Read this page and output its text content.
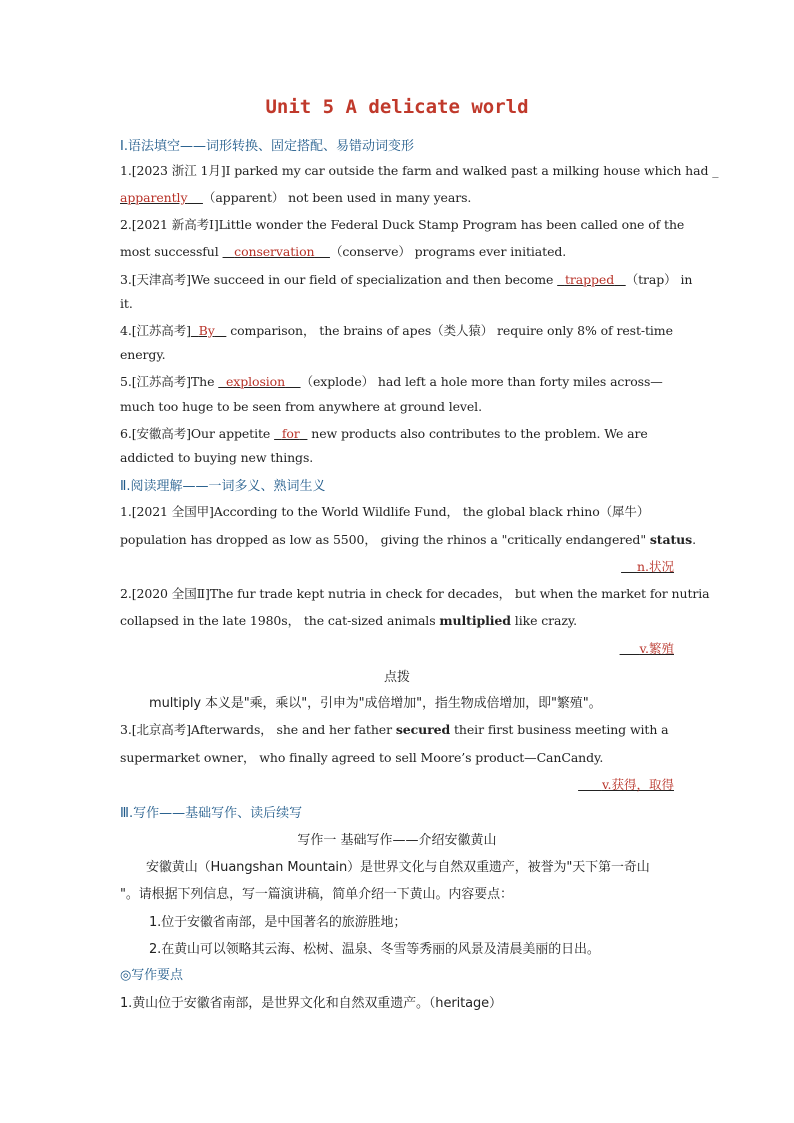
Unit 5 A delicate world
Ⅰ.语法填空——词形转换、固定搭配、易错动词变形
1.[2023 浙江 1月]I parked my car outside the farm and walked past a milking house which had _
apparently （apparent） not been used in many years.
2.[2021 新高考Ⅰ]Little wonder the Federal Duck Stamp Program has been called one of the
most successful    conservation （conserve） programs ever initiated.
3.[天津高考]We succeed in our field of specialization and then become   trapped （trap） in
it.
4.[江苏高考] By    comparison， the brains of apes（类人猿） require only 8% of rest-time
energy.
5.[江苏高考]The   explosion （explode） had left a hole more than forty miles across—
much too huge to be seen from anywhere at ground level.
6.[安徽高考]Our appetite   for   new products also contributes to the problem. We are
addicted to buying new things.
Ⅱ.阅读理解——一词多义、熟词生义
1.[2021 全国甲]According to the World Wildlife Fund， the global black rhino（犀牛）
population has dropped as low as 5500， giving the rhinos a "critically endangered" status.
n.状况
2.[2020 全国Ⅱ]The fur trade kept nutria in check for decades， but when the market for nutria
collapsed in the late 1980s， the cat-sized animals multiplied like crazy.
v.繁殖
点拨
multiply 本义是"乘，乘以"，引申为"成倍增加"，指生物成倍增加，即"繁殖"。
3.[北京高考]Afterwards， she and her father secured their first business meeting with a
supermarket owner， who finally agreed to sell Moore’s product—CanCandy.
v.获得，取得
Ⅲ.写作——基础写作、读后续写
写作一 基础写作——介绍安徽黄山
安徽黄山（Huangshan Mountain）是世界文化与自然双重遗产，被誉为"天下第一奇山
"。请根据下列信息，写一篇演讲稿，简单介绍一下黄山。内容要点：
1.位于安徽省南部，是中国著名的旅游胜地；
2.在黄山可以领略其云海、松树、温泉、冬雪等秀丽的风景及清晨美丽的日出。
◎写作要点
1.黄山位于安徽省南部，是世界文化和自然双重遗产。（heritage）
